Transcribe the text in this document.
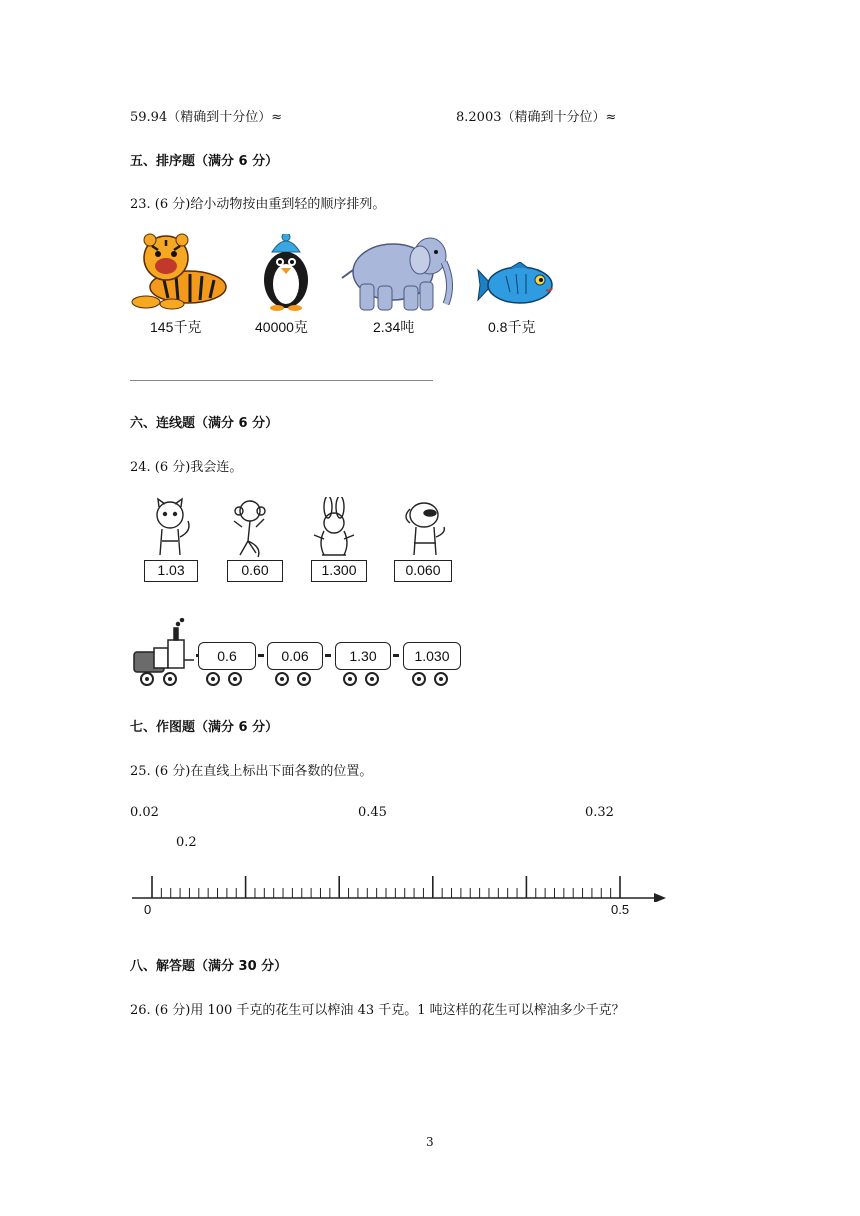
59.94（精确到十分位）≈	8.2003（精确到十分位）≈
五、排序题（满分 6 分）
23. (6 分)给小动物按由重到轻的顺序排列。
145千克	40000克	2.34吨	0.8千克
六、连线题（满分 6 分）
24. (6 分)我会连。
1.03	0.60	1.300	0.060
0.6	0.06	1.30	1.030
七、作图题（满分 6 分）
25. (6 分)在直线上标出下面各数的位置。
0.02	0.45	0.32
0.2
0	0.5
八、解答题（满分 30 分）
26. (6 分)用 100 千克的花生可以榨油 43 千克。1 吨这样的花生可以榨油多少千克？
3
